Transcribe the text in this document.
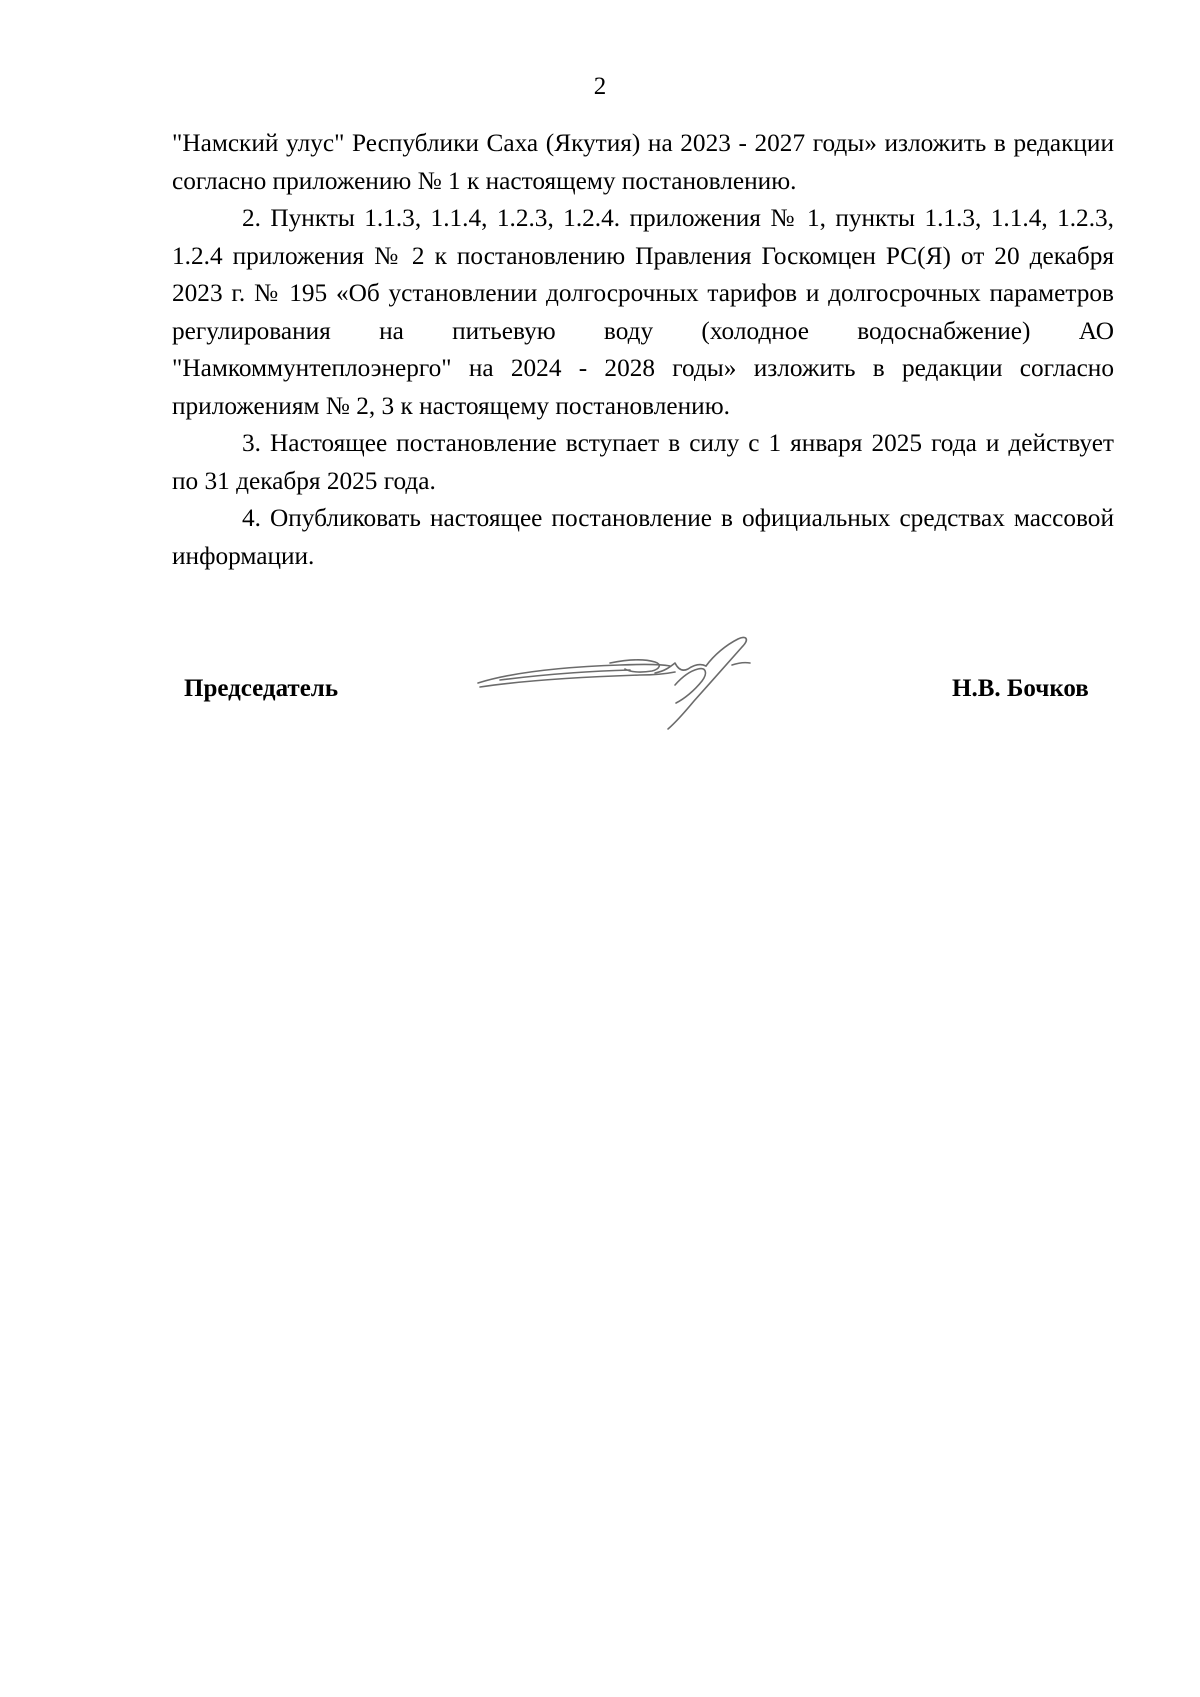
2

"Намский улус" Республики Саха (Якутия) на 2023 - 2027 годы» изложить в редакции согласно приложению № 1 к настоящему постановлению.

2. Пункты 1.1.3, 1.1.4, 1.2.3, 1.2.4. приложения № 1, пункты 1.1.3, 1.1.4, 1.2.3, 1.2.4 приложения № 2 к постановлению Правления Госкомцен РС(Я) от 20 декабря 2023 г. № 195 «Об установлении долгосрочных тарифов и долгосрочных параметров регулирования на питьевую воду (холодное водоснабжение) АО "Намкоммунтеплоэнерго" на 2024 - 2028 годы» изложить в редакции согласно приложениям № 2, 3 к настоящему постановлению.

3. Настоящее постановление вступает в силу с 1 января 2025 года и действует по 31 декабря 2025 года.

4. Опубликовать настоящее постановление в официальных средствах массовой информации.

Председатель	Н.В. Бочков
